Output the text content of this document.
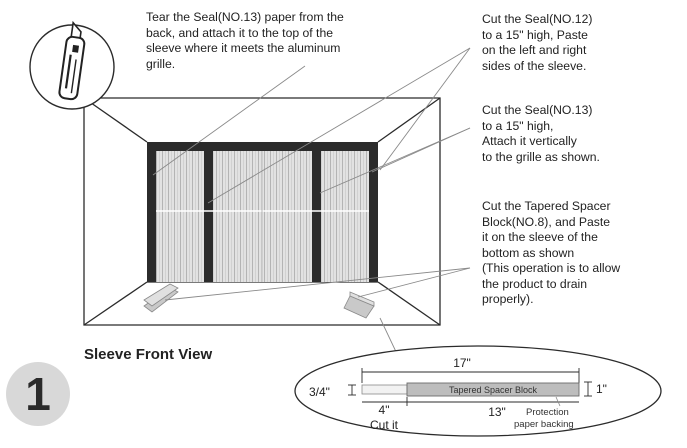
17"
Tapered Spacer Block
3/4"	1"
4"
Cut it
13" Protection
paper backing
Tear the Seal(NO.13) paper from the
back, and attach it to the top of the
sleeve where it meets the aluminum
grille.
Cut the Seal(NO.12)
to a 15" high, Paste
on the left and right
sides of the sleeve.
Cut the Seal(NO.13)
to a 15" high,
Attach it vertically
to the grille as shown.
Cut the Tapered Spacer
Block(NO.8), and Paste
it on the sleeve of the
bottom as shown
(This operation is to allow
the product to drain
properly).
1
Sleeve Front View
